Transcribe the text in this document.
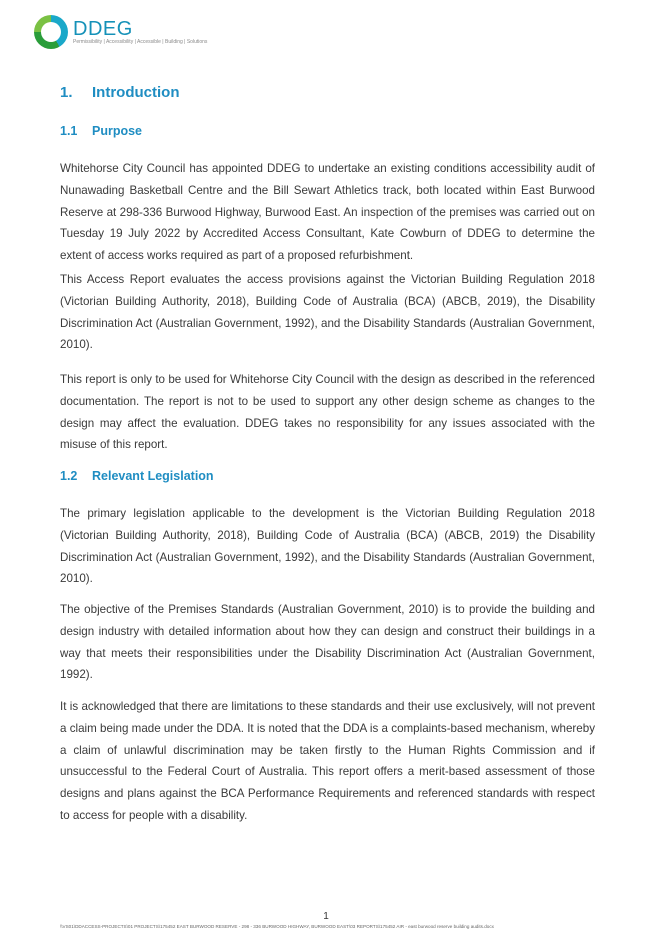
DDEG
Permissibility | Accessibility | Accessible | Building | Solutions
1. Introduction
1.1 Purpose

Whitehorse City Council has appointed DDEG to undertake an existing conditions accessibility audit of Nunawading Basketball Centre and the Bill Sewart Athletics track, both located within East Burwood Reserve at 298-336 Burwood Highway, Burwood East. An inspection of the premises was carried out on Tuesday 19 July 2022 by Accredited Access Consultant, Kate Cowburn of DDEG to determine the extent of access works required as part of a proposed refurbishment.

This Access Report evaluates the access provisions against the Victorian Building Regulation 2018 (Victorian Building Authority, 2018), Building Code of Australia (BCA) (ABCB, 2019), the Disability Discrimination Act (Australian Government, 1992), and the Disability Standards (Australian Government, 2010).

This report is only to be used for Whitehorse City Council with the design as described in the referenced documentation. The report is not to be used to support any other design scheme as changes to the design may affect the evaluation. DDEG takes no responsibility for any issues associated with the misuse of this report.

1.2 Relevant Legislation

The primary legislation applicable to the development is the Victorian Building Regulation 2018 (Victorian Building Authority, 2018), Building Code of Australia (BCA) (ABCB, 2019) the Disability Discrimination Act (Australian Government, 1992), and the Disability Standards (Australian Government, 2010).

The objective of the Premises Standards (Australian Government, 2010) is to provide the building and design industry with detailed information about how they can design and construct their buildings in a way that meets their responsibilities under the Disability Discrimination Act (Australian Government, 1992).

It is acknowledged that there are limitations to these standards and their use exclusively, will not prevent a claim being made under the DDA. It is noted that the DDA is a complaints-based mechanism, whereby a claim of unlawful discrimination may be taken firstly to the Human Rights Commission and if unsuccessful to the Federal Court of Australia. This report offers a merit-based assessment of those designs and plans against the BCA Performance Requirements and referenced standards with respect to access for people with a disability.

1
\\VS01\DDACCESS-PROJECTS\01 PROJECTS\175452 EAST BURWOOD RESERVE - 298 - 336 BURWOOD HIGHWAY, BURWOOD EAST\03 REPORTS\175452 AIR - east burwood reserve building audits.docx
